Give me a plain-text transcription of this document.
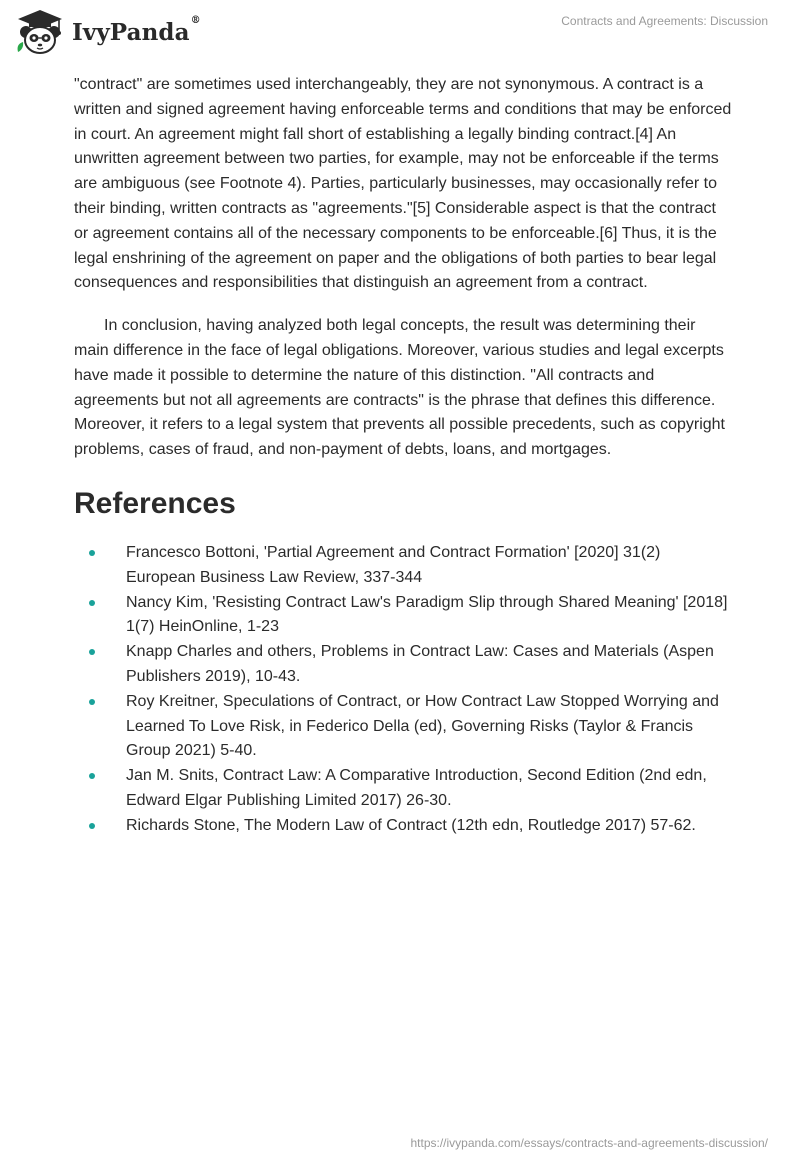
IvyPanda®	Contracts and Agreements: Discussion

"contract" are sometimes used interchangeably, they are not synonymous. A contract is a written and signed agreement having enforceable terms and conditions that may be enforced in court. An agreement might fall short of establishing a legally binding contract.[4] An unwritten agreement between two parties, for example, may not be enforceable if the terms are ambiguous (see Footnote 4). Parties, particularly businesses, may occasionally refer to their binding, written contracts as "agreements."[5] Considerable aspect is that the contract or agreement contains all of the necessary components to be enforceable.[6] Thus, it is the legal enshrining of the agreement on paper and the obligations of both parties to bear legal consequences and responsibilities that distinguish an agreement from a contract.

In conclusion, having analyzed both legal concepts, the result was determining their main difference in the face of legal obligations. Moreover, various studies and legal excerpts have made it possible to determine the nature of this distinction. "All contracts and agreements but not all agreements are contracts" is the phrase that defines this difference. Moreover, it refers to a legal system that prevents all possible precedents, such as copyright problems, cases of fraud, and non-payment of debts, loans, and mortgages.

References
Francesco Bottoni, 'Partial Agreement and Contract Formation' [2020] 31(2) European Business Law Review, 337-344
Nancy Kim, 'Resisting Contract Law's Paradigm Slip through Shared Meaning' [2018] 1(7) HeinOnline, 1-23
Knapp Charles and others, Problems in Contract Law: Cases and Materials (Aspen Publishers 2019), 10-43.
Roy Kreitner, Speculations of Contract, or How Contract Law Stopped Worrying and Learned To Love Risk, in Federico Della (ed), Governing Risks (Taylor & Francis Group 2021) 5-40.
Jan M. Snits, Contract Law: A Comparative Introduction, Second Edition (2nd edn, Edward Elgar Publishing Limited 2017) 26-30.
Richards Stone, The Modern Law of Contract (12th edn, Routledge 2017) 57-62.
https://ivypanda.com/essays/contracts-and-agreements-discussion/
